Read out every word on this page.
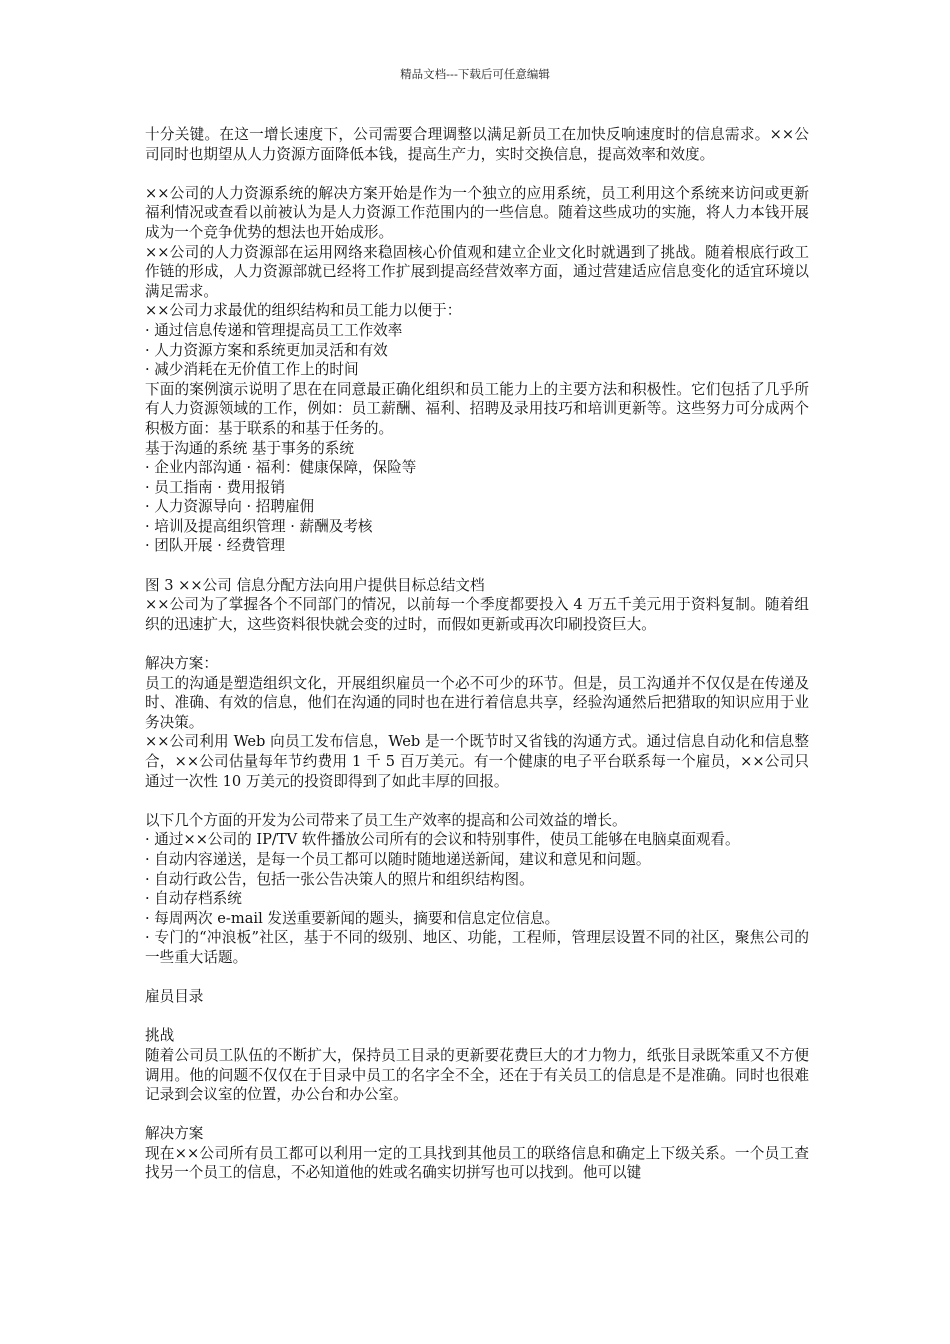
精品文档---下载后可任意编辑

十分关键。在这一增长速度下，公司需要合理调整以满足新员工在加快反响速度时的信息需求。××公司同时也期望从人力资源方面降低本钱，提高生产力，实时交换信息，提高效率和效度。

××公司的人力资源系统的解决方案开始是作为一个独立的应用系统，员工利用这个系统来访问或更新福利情况或查看以前被认为是人力资源工作范围内的一些信息。随着这些成功的实施，将人力本钱开展成为一个竞争优势的想法也开始成形。

××公司的人力资源部在运用网络来稳固核心价值观和建立企业文化时就遇到了挑战。随着根底行政工作链的形成，人力资源部就已经将工作扩展到提高经营效率方面，通过营建适应信息变化的适宜环境以满足需求。

××公司力求最优的组织结构和员工能力以便于：

· 通过信息传递和管理提高员工工作效率

· 人力资源方案和系统更加灵活和有效

· 减少消耗在无价值工作上的时间

下面的案例演示说明了思在在同意最正确化组织和员工能力上的主要方法和积极性。它们包括了几乎所有人力资源领域的工作，例如：员工薪酬、福利、招聘及录用技巧和培训更新等。这些努力可分成两个积极方面：基于联系的和基于任务的。

基于沟通的系统 基于事务的系统

· 企业内部沟通 · 福利：健康保障，保险等

· 员工指南 · 费用报销

· 人力资源导向 · 招聘雇佣

· 培训及提高组织管理 · 薪酬及考核

· 团队开展 · 经费管理

图 3 ××公司 信息分配方法向用户提供目标总结文档

××公司为了掌握各个不同部门的情况，以前每一个季度都要投入 4 万五千美元用于资料复制。随着组织的迅速扩大，这些资料很快就会变的过时，而假如更新或再次印刷投资巨大。

解决方案：

员工的沟通是塑造组织文化，开展组织雇员一个必不可少的环节。但是，员工沟通并不仅仅是在传递及时、准确、有效的信息，他们在沟通的同时也在进行着信息共享，经验沟通然后把猎取的知识应用于业务决策。

××公司利用 Web 向员工发布信息，Web 是一个既节时又省钱的沟通方式。通过信息自动化和信息整合，××公司估量每年节约费用 1 千 5 百万美元。有一个健康的电子平台联系每一个雇员，××公司只通过一次性 10 万美元的投资即得到了如此丰厚的回报。

以下几个方面的开发为公司带来了员工生产效率的提高和公司效益的增长。

· 通过××公司的 IP/TV 软件播放公司所有的会议和特别事件，使员工能够在电脑桌面观看。

· 自动内容递送，是每一个员工都可以随时随地递送新闻，建议和意见和问题。

· 自动行政公告，包括一张公告决策人的照片和组织结构图。

· 自动存档系统

· 每周两次 e-mail 发送重要新闻的题头，摘要和信息定位信息。

· 专门的“冲浪板”社区，基于不同的级别、地区、功能，工程师，管理层设置不同的社区，聚焦公司的一些重大话题。

雇员目录

挑战

随着公司员工队伍的不断扩大，保持员工目录的更新要花费巨大的才力物力，纸张目录既笨重又不方便调用。他的问题不仅仅在于目录中员工的名字全不全，还在于有关员工的信息是不是准确。同时也很难记录到会议室的位置，办公台和办公室。

解决方案

现在××公司所有员工都可以利用一定的工具找到其他员工的联络信息和确定上下级关系。一个员工查找另一个员工的信息，不必知道他的姓或名确实切拼写也可以找到。他可以键
